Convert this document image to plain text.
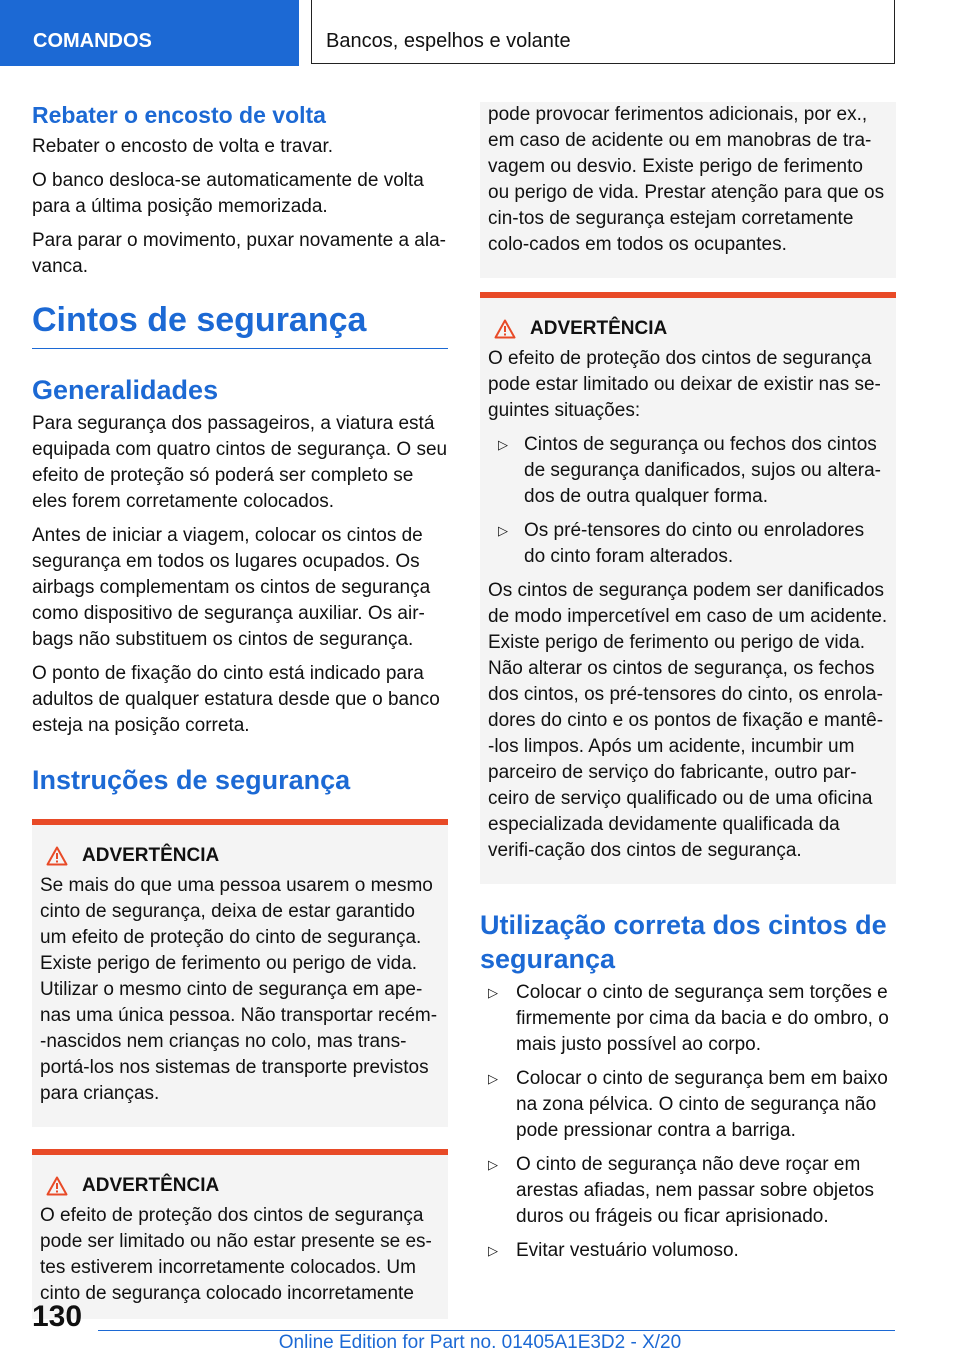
COMANDOS	Bancos, espelhos e volante
Rebater o encosto de volta

Rebater o encosto de volta e travar.

O banco desloca-se automaticamente de volta para a última posição memorizada.

Para parar o movimento, puxar novamente a ala-vanca.

Cintos de segurança
Generalidades

Para segurança dos passageiros, a viatura está equipada com quatro cintos de segurança. O seu efeito de proteção só poderá ser completo se eles forem corretamente colocados.

Antes de iniciar a viagem, colocar os cintos de segurança em todos os lugares ocupados. Os airbags complementam os cintos de segurança como dispositivo de segurança auxiliar. Os air-bags não substituem os cintos de segurança.

O ponto de fixação do cinto está indicado para adultos de qualquer estatura desde que o banco esteja na posição correta.

Instruções de segurança
ADVERTÊNCIA

Se mais do que uma pessoa usarem o mesmo cinto de segurança, deixa de estar garantido um efeito de proteção do cinto de segurança. Existe perigo de ferimento ou perigo de vida. Utilizar o mesmo cinto de segurança em ape-nas uma única pessoa. Não transportar recém--nascidos nem crianças no colo, mas trans-portá-los nos sistemas de transporte previstos para crianças.

ADVERTÊNCIA

O efeito de proteção dos cintos de segurança pode ser limitado ou não estar presente se es-tes estiverem incorretamente colocados. Um cinto de segurança colocado incorretamente

pode provocar ferimentos adicionais, por ex., em caso de acidente ou em manobras de tra-vagem ou desvio. Existe perigo de ferimento ou perigo de vida. Prestar atenção para que os cin-tos de segurança estejam corretamente colo-cados em todos os ocupantes.

ADVERTÊNCIA

O efeito de proteção dos cintos de segurança pode estar limitado ou deixar de existir nas se-guintes situações:

▷ Cintos de segurança ou fechos dos cintos de segurança danificados, sujos ou altera-dos de outra qualquer forma.
▷ Os pré-tensores do cinto ou enroladores do cinto foram alterados.

Os cintos de segurança podem ser danificados de modo impercetível em caso de um acidente. Existe perigo de ferimento ou perigo de vida. Não alterar os cintos de segurança, os fechos dos cintos, os pré-tensores do cinto, os enrola-dores do cinto e os pontos de fixação e mantê--los limpos. Após um acidente, incumbir um parceiro de serviço do fabricante, outro par-ceiro de serviço qualificado ou de uma oficina especializada devidamente qualificada da verifi-cação dos cintos de segurança.

Utilização correta dos cintos de segurança
▷ Colocar o cinto de segurança sem torções e firmemente por cima da bacia e do ombro, o mais justo possível ao corpo.
▷ Colocar o cinto de segurança bem em baixo na zona pélvica. O cinto de segurança não pode pressionar contra a barriga.
▷ O cinto de segurança não deve roçar em arestas afiadas, nem passar sobre objetos duros ou frágeis ou ficar aprisionado.
▷ Evitar vestuário volumoso.
130
Online Edition for Part no. 01405A1E3D2 - X/20
